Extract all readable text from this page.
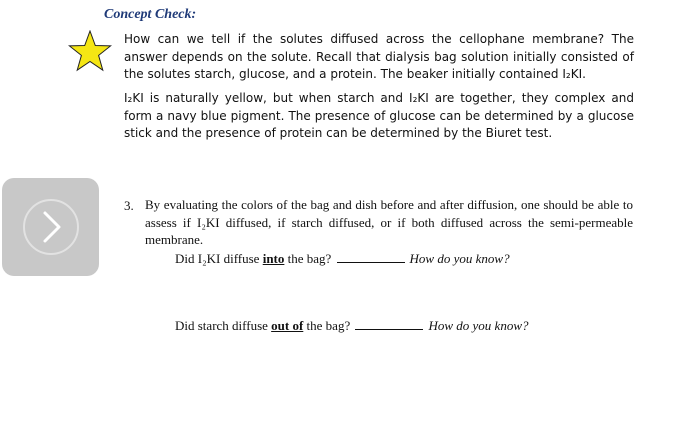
Concept Check:

How can we tell if the solutes diffused across the cellophane membrane? The answer depends on the solute. Recall that dialysis bag solution initially consisted of the solutes starch, glucose, and a protein. The beaker initially contained I₂KI.

I₂KI is naturally yellow, but when starch and I₂KI are together, they complex and form a navy blue pigment. The presence of glucose can be determined by a glucose stick and the presence of protein can be determined by the Biuret test.

3. By evaluating the colors of the bag and dish before and after diffusion, one should be able to assess if I₂KI diffused, if starch diffused, or if both diffused across the semi-permeable membrane.

Did I₂KI diffuse into the bag?	How do you know?
Did starch diffuse out of the bag?	How do you know?
